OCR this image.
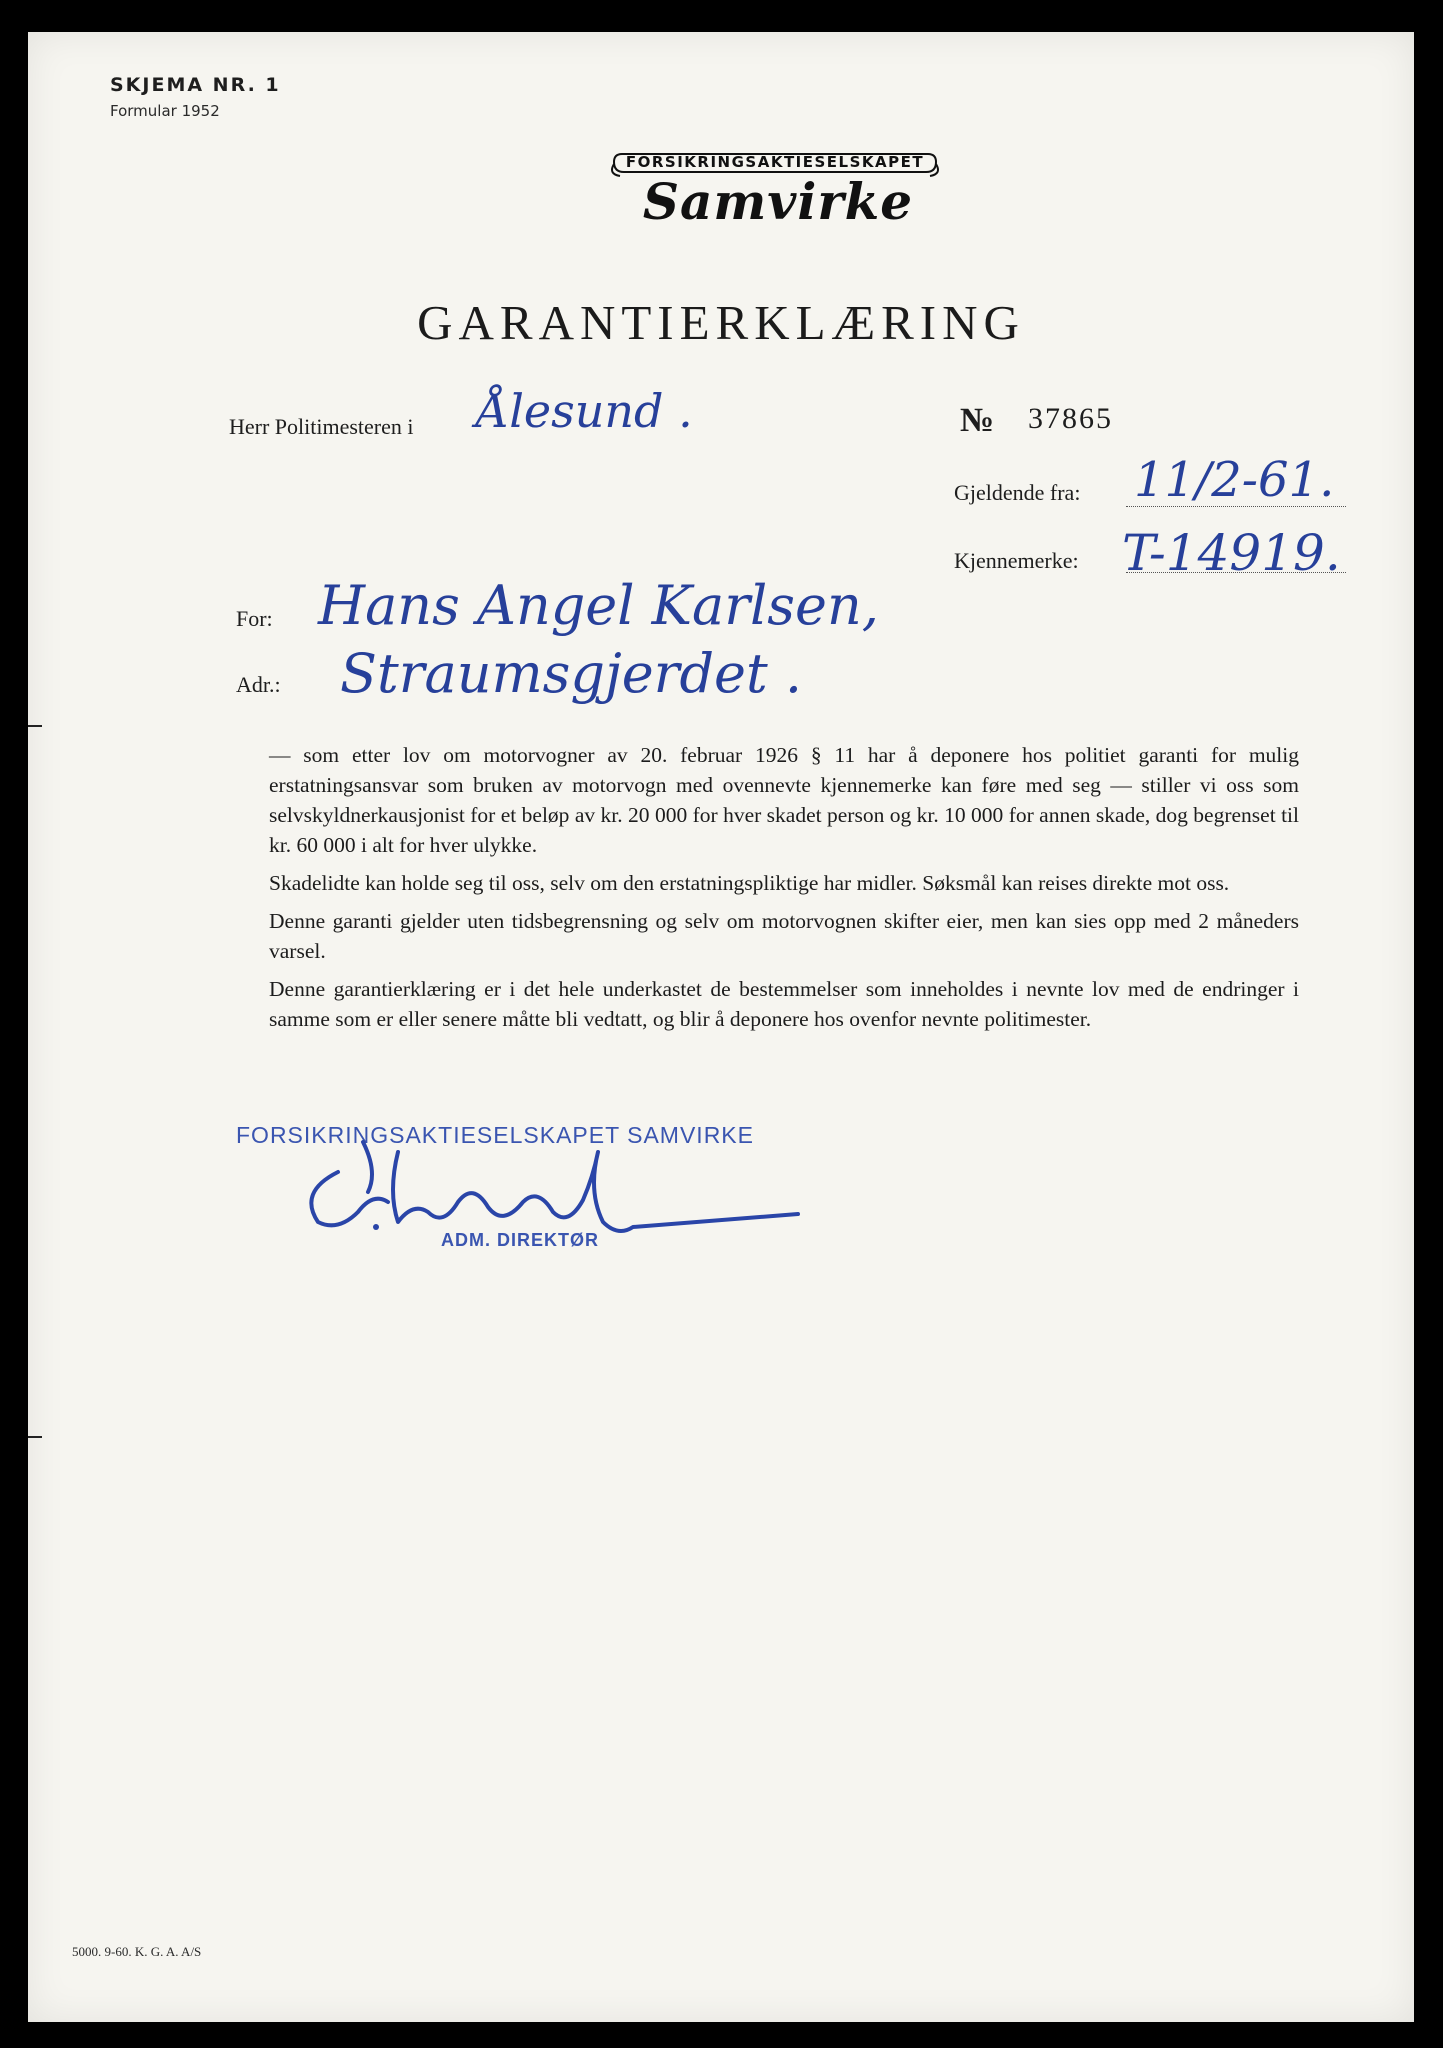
SKJEMA NR. 1
Formular 1952
FORSIKRINGSAKTIESELSKAPET
Samvirke
GARANTIERKLÆRING
Herr Politimesteren i Ålesund .	№ 37865
Gjeldende fra: 11/2-61.
Kjennemerke: T-14919.
For: Hans Angel Karlsen,
Adr.: Straumsgjerdet .

— som etter lov om motorvogner av 20. februar 1926 § 11 har å deponere hos politiet garanti for mulig erstatningsansvar som bruken av motorvogn med ovennevte kjennemerke kan føre med seg — stiller vi oss som selvskyldnerkausjonist for et beløp av kr. 20 000 for hver skadet person og kr. 10 000 for annen skade, dog begrenset til kr. 60 000 i alt for hver ulykke.

Skadelidte kan holde seg til oss, selv om den erstatningspliktige har midler. Søksmål kan reises direkte mot oss.

Denne garanti gjelder uten tidsbegrensning og selv om motorvognen skifter eier, men kan sies opp med 2 måneders varsel.

Denne garantierklæring er i det hele underkastet de bestemmelser som inneholdes i nevnte lov med de endringer i samme som er eller senere måtte bli vedtatt, og blir å deponere hos ovenfor nevnte politimester.

FORSIKRINGSAKTIESELSKAPET SAMVIRKE
ADM. DIREKTØR
5000. 9-60. K. G. A. A/S
